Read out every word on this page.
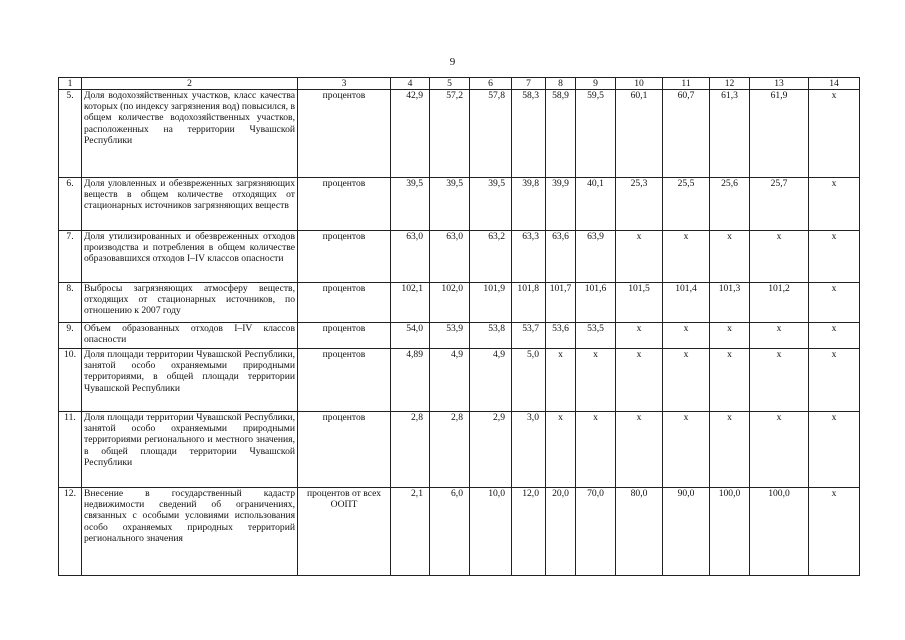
9
1	2	3	4	5	6	7	8	9	10	11	12	13	14
5.	Доля водохозяйственных участков, класс качества которых (по индексу загрязнения вод) повысился, в общем количестве водохозяйственных участков, расположенных на территории Чувашской Республики	процентов	42,9	57,2	57,8	58,3	58,9	59,5	60,1	60,7	61,3	61,9	х
6.	Доля уловленных и обезвреженных загрязняющих веществ в общем количестве отходящих от стационарных источников загрязняющих веществ	процентов	39,5	39,5	39,5	39,8	39,9	40,1	25,3	25,5	25,6	25,7	х
7.	Доля утилизированных и обезвреженных отходов производства и потребления в общем количестве образовавшихся отходов I–IV классов опасности	процентов	63,0	63,0	63,2	63,3	63,6	63,9	х	х	х	х	х
8.	Выбросы загрязняющих атмосферу веществ, отходящих от стационарных источников, по отношению к 2007 году	процентов	102,1	102,0	101,9	101,8	101,7	101,6	101,5	101,4	101,3	101,2	х
9.	Объем образованных отходов I–IV классов опасности	процентов	54,0	53,9	53,8	53,7	53,6	53,5	х	х	х	х	х
10.	Доля площади территории Чувашской Республики, занятой особо охраняемыми природными территориями, в общей площади территории Чувашской Республики	процентов	4,89	4,9	4,9	5,0	х	х	х	х	х	х	х
11.	Доля площади территории Чувашской Республики, занятой особо охраняемыми природными территориями регионального и местного значения, в общей площади территории Чувашской Республики	процентов	2,8	2,8	2,9	3,0	х	х	х	х	х	х	х
12.	Внесение в государственный кадастр недвижимости сведений об ограничениях, связанных с особыми условиями использования особо охраняемых природных территорий регионального значения	процентов от всех ООПТ	2,1	6,0	10,0	12,0	20,0	70,0	80,0	90,0	100,0	100,0	х
